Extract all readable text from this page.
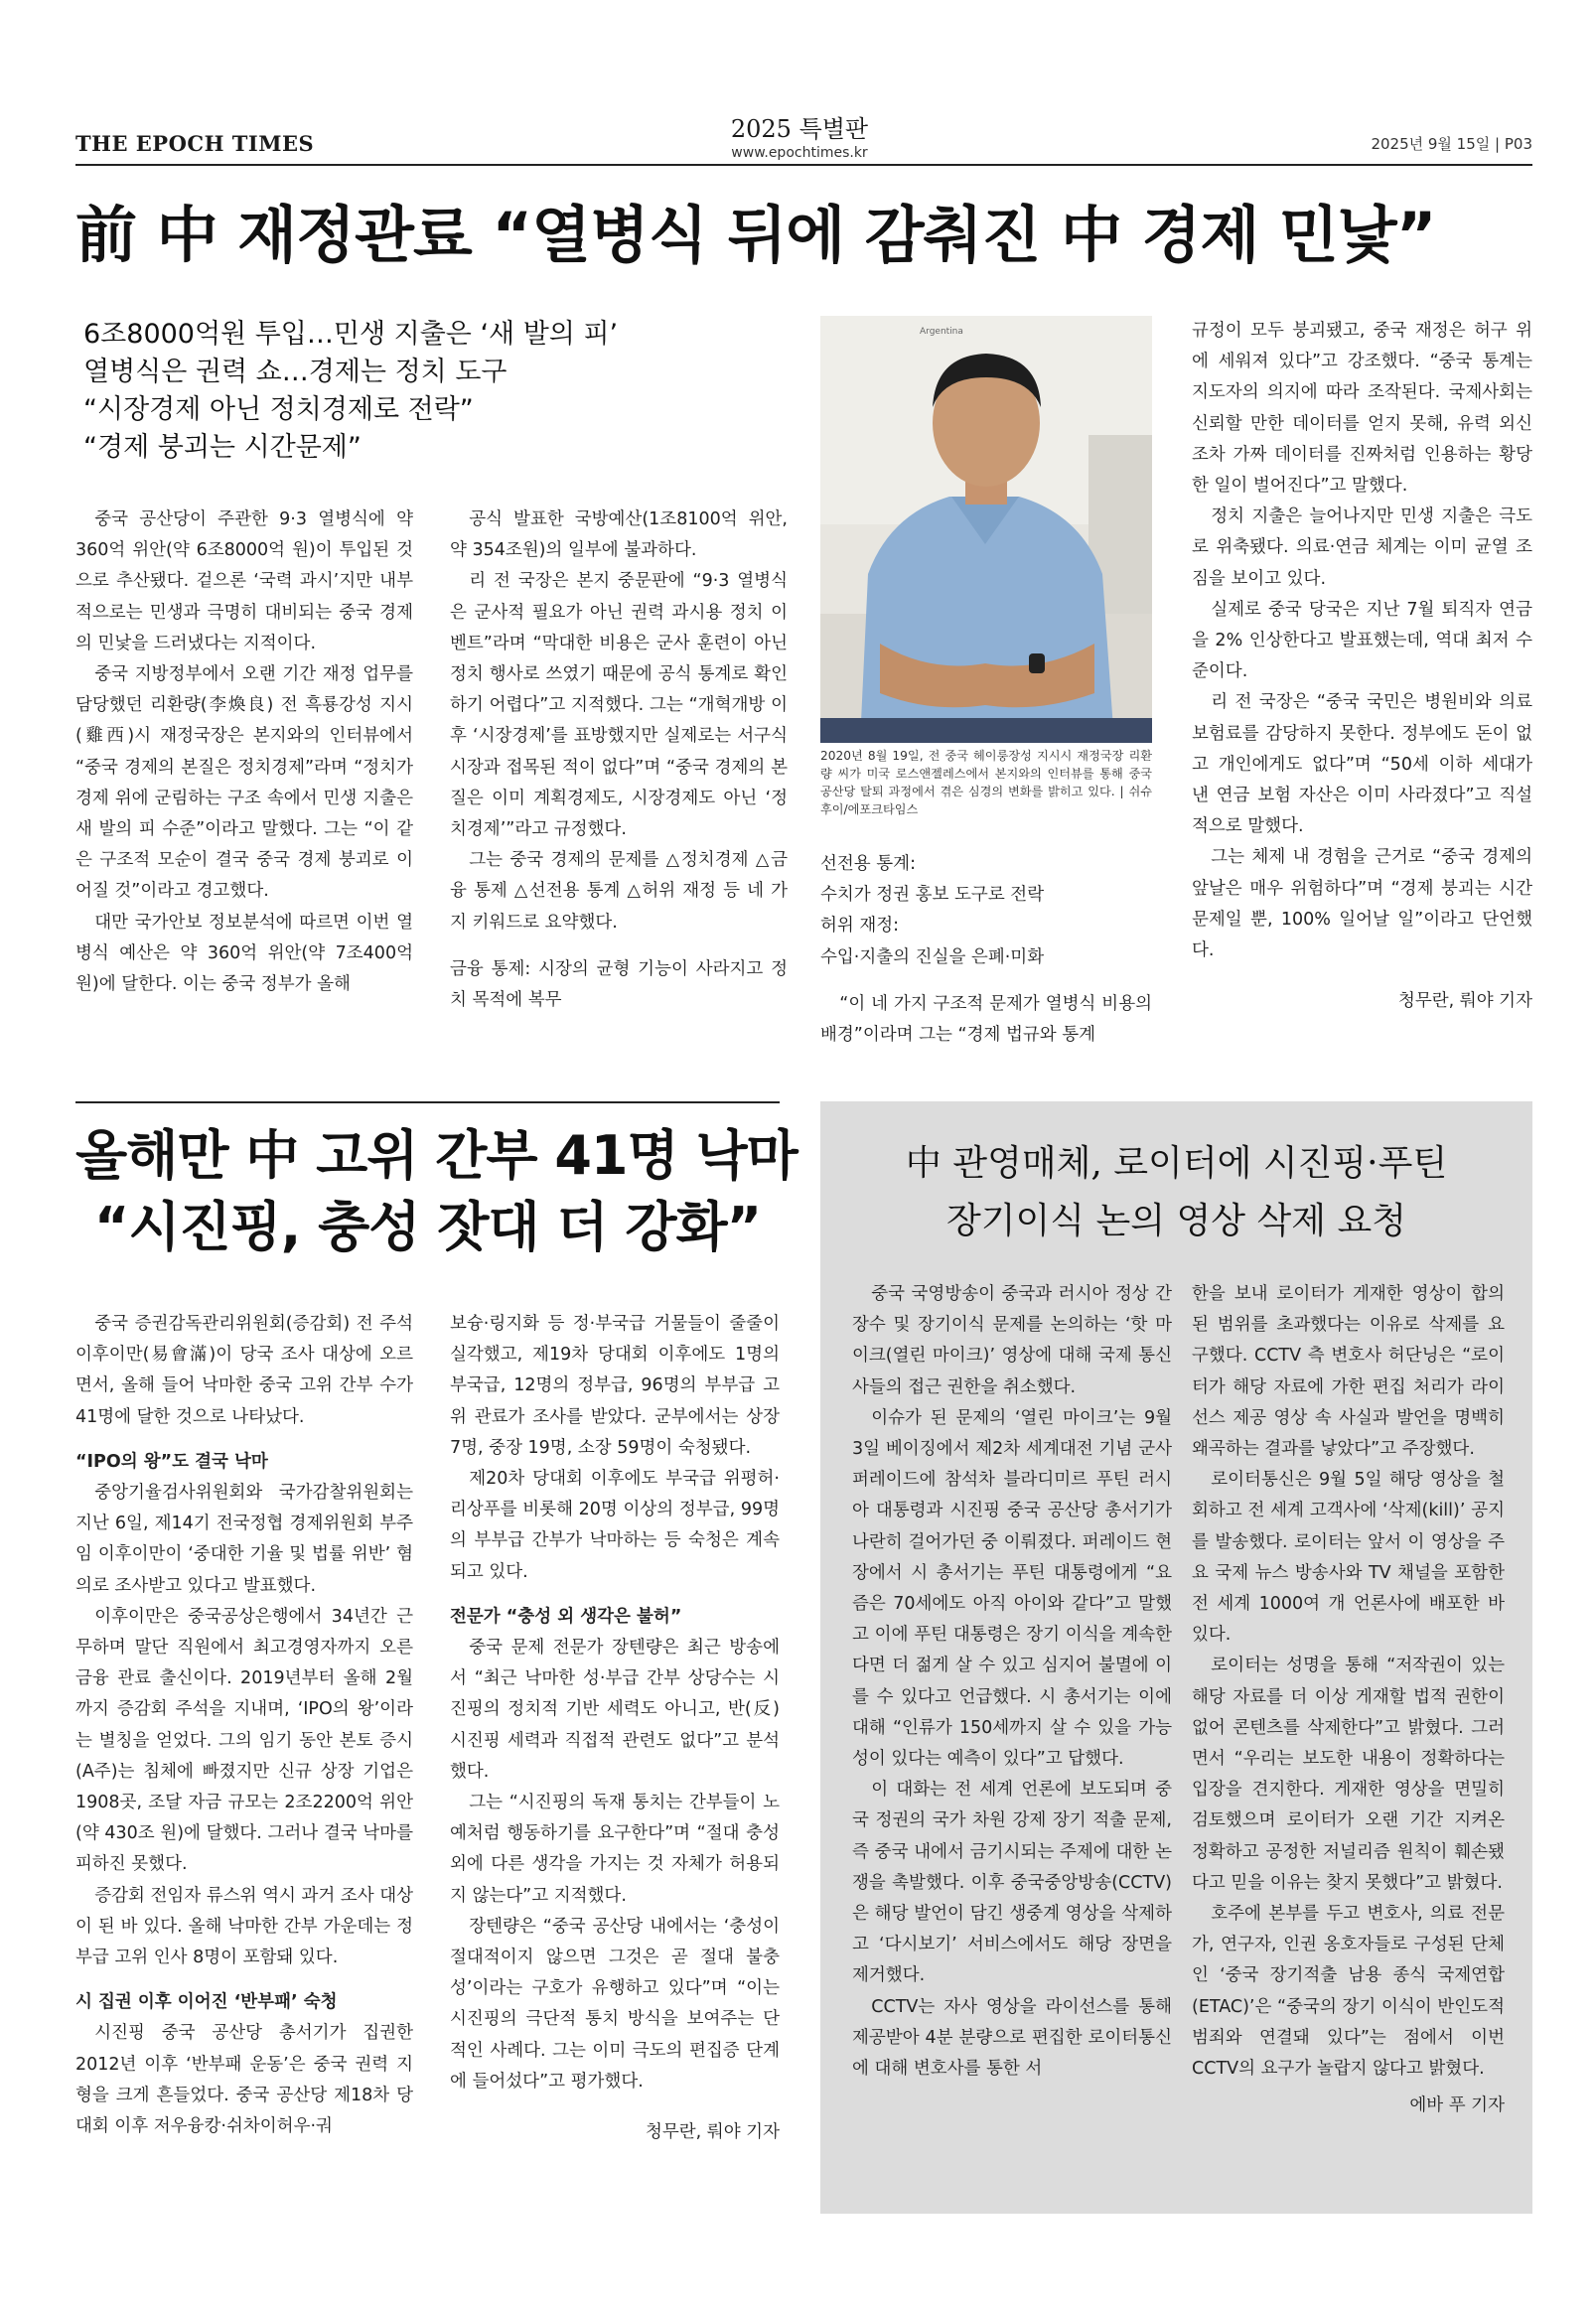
THE EPOCH TIMES
2025 특별판
www.epochtimes.kr	2025년 9월 15일 | P03
前 中 재정관료 “열병식 뒤에 감춰진 中 경제 민낯”
6조8000억원 투입…민생 지출은 ‘새 발의 피’
열병식은 권력 쇼…경제는 정치 도구
“시장경제 아닌 정치경제로 전락”
“경제 붕괴는 시간문제”

중국 공산당이 주관한 9·3 열병식에 약 360억 위안(약 6조8000억 원)이 투입된 것으로 추산됐다. 겉으론 ‘국력 과시’지만 내부적으로는 민생과 극명히 대비되는 중국 경제의 민낯을 드러냈다는 지적이다.

중국 지방정부에서 오랜 기간 재정 업무를 담당했던 리환량(李煥良) 전 흑룡강성 지시(雞西)시 재정국장은 본지와의 인터뷰에서 “중국 경제의 본질은 정치경제”라며 “정치가 경제 위에 군림하는 구조 속에서 민생 지출은 새 발의 피 수준”이라고 말했다. 그는 “이 같은 구조적 모순이 결국 중국 경제 붕괴로 이어질 것”이라고 경고했다.

대만 국가안보 정보분석에 따르면 이번 열병식 예산은 약 360억 위안(약 7조400억 원)에 달한다. 이는 중국 정부가 올해

공식 발표한 국방예산(1조8100억 위안, 약 354조원)의 일부에 불과하다.

리 전 국장은 본지 중문판에 “9·3 열병식은 군사적 필요가 아닌 권력 과시용 정치 이벤트”라며 “막대한 비용은 군사 훈련이 아닌 정치 행사로 쓰였기 때문에 공식 통계로 확인하기 어렵다”고 지적했다. 그는 “개혁개방 이후 ‘시장경제’를 표방했지만 실제로는 서구식 시장과 접목된 적이 없다”며 “중국 경제의 본질은 이미 계획경제도, 시장경제도 아닌 ‘정치경제’”라고 규정했다.

그는 중국 경제의 문제를 △정치경제 △금융 통제 △선전용 통계 △허위 재정 등 네 가지 키워드로 요약했다.

금융 통제: 시장의 균형 기능이 사라지고 정치 목적에 복무

Argentina
2020년 8월 19일, 전 중국 헤이룽장성 지시시 재정국장 리환량 씨가 미국 로스앤젤레스에서 본지와의 인터뷰를 통해 중국 공산당 탈퇴 과정에서 겪은 심경의 변화를 밝히고 있다. | 쉬슈후이/에포크타임스

선전용 통계:

수치가 정권 홍보 도구로 전락

허위 재정:

수입·지출의 진실을 은폐·미화

“이 네 가지 구조적 문제가 열병식 비용의 배경”이라며 그는 “경제 법규와 통계

규정이 모두 붕괴됐고, 중국 재정은 허구 위에 세워져 있다”고 강조했다. “중국 통계는 지도자의 의지에 따라 조작된다. 국제사회는 신뢰할 만한 데이터를 얻지 못해, 유력 외신조차 가짜 데이터를 진짜처럼 인용하는 황당한 일이 벌어진다”고 말했다.

정치 지출은 늘어나지만 민생 지출은 극도로 위축됐다. 의료·연금 체계는 이미 균열 조짐을 보이고 있다.

실제로 중국 당국은 지난 7월 퇴직자 연금을 2% 인상한다고 발표했는데, 역대 최저 수준이다.

리 전 국장은 “중국 국민은 병원비와 의료보험료를 감당하지 못한다. 정부에도 돈이 없고 개인에게도 없다”며 “50세 이하 세대가 낸 연금 보험 자산은 이미 사라졌다”고 직설적으로 말했다.

그는 체제 내 경험을 근거로 “중국 경제의 앞날은 매우 위험하다”며 “경제 붕괴는 시간문제일 뿐, 100% 일어날 일”이라고 단언했다.

청무란, 뤄야 기자

올해만 中 고위 간부 41명 낙마
“시진핑, 충성 잣대 더 강화”

중국 증권감독관리위원회(증감회) 전 주석 이후이만(易會滿)이 당국 조사 대상에 오르면서, 올해 들어 낙마한 중국 고위 간부 수가 41명에 달한 것으로 나타났다.

“IPO의 왕”도 결국 낙마

중앙기율검사위원회와 국가감찰위원회는 지난 6일, 제14기 전국정협 경제위원회 부주임 이후이만이 ‘중대한 기율 및 법률 위반’ 혐의로 조사받고 있다고 발표했다.

이후이만은 중국공상은행에서 34년간 근무하며 말단 직원에서 최고경영자까지 오른 금융 관료 출신이다. 2019년부터 올해 2월까지 증감회 주석을 지내며, ‘IPO의 왕’이라는 별칭을 얻었다. 그의 임기 동안 본토 증시(A주)는 침체에 빠졌지만 신규 상장 기업은 1908곳, 조달 자금 규모는 2조2200억 위안(약 430조 원)에 달했다. 그러나 결국 낙마를 피하진 못했다.

증감회 전임자 류스위 역시 과거 조사 대상이 된 바 있다. 올해 낙마한 간부 가운데는 정부급 고위 인사 8명이 포함돼 있다.

시 집권 이후 이어진 ‘반부패’ 숙청

시진핑 중국 공산당 총서기가 집권한 2012년 이후 ‘반부패 운동’은 중국 권력 지형을 크게 흔들었다. 중국 공산당 제18차 당대회 이후 저우융캉·쉬차이허우·궈

보슝·링지화 등 정·부국급 거물들이 줄줄이 실각했고, 제19차 당대회 이후에도 1명의 부국급, 12명의 정부급, 96명의 부부급 고위 관료가 조사를 받았다. 군부에서는 상장 7명, 중장 19명, 소장 59명이 숙청됐다.

제20차 당대회 이후에도 부국급 위평허·리상푸를 비롯해 20명 이상의 정부급, 99명의 부부급 간부가 낙마하는 등 숙청은 계속되고 있다.

전문가 “충성 외 생각은 불허”

중국 문제 전문가 장텐량은 최근 방송에서 “최근 낙마한 성·부급 간부 상당수는 시진핑의 정치적 기반 세력도 아니고, 반(反)시진핑 세력과 직접적 관련도 없다”고 분석했다.

그는 “시진핑의 독재 통치는 간부들이 노예처럼 행동하기를 요구한다”며 “절대 충성 외에 다른 생각을 가지는 것 자체가 허용되지 않는다”고 지적했다.

장텐량은 “중국 공산당 내에서는 ‘충성이 절대적이지 않으면 그것은 곧 절대 불충성’이라는 구호가 유행하고 있다”며 “이는 시진핑의 극단적 통치 방식을 보여주는 단적인 사례다. 그는 이미 극도의 편집증 단계에 들어섰다”고 평가했다.

청무란, 뤄야 기자

中 관영매체, 로이터에 시진핑·푸틴
장기이식 논의 영상 삭제 요청

중국 국영방송이 중국과 러시아 정상 간 장수 및 장기이식 문제를 논의하는 ‘핫 마이크(열린 마이크)’ 영상에 대해 국제 통신사들의 접근 권한을 취소했다.

이슈가 된 문제의 ‘열린 마이크’는 9월 3일 베이징에서 제2차 세계대전 기념 군사 퍼레이드에 참석차 블라디미르 푸틴 러시아 대통령과 시진핑 중국 공산당 총서기가 나란히 걸어가던 중 이뤄졌다. 퍼레이드 현장에서 시 총서기는 푸틴 대통령에게 “요즘은 70세에도 아직 아이와 같다”고 말했고 이에 푸틴 대통령은 장기 이식을 계속한다면 더 젊게 살 수 있고 심지어 불멸에 이를 수 있다고 언급했다. 시 총서기는 이에 대해 “인류가 150세까지 살 수 있을 가능성이 있다는 예측이 있다”고 답했다.

이 대화는 전 세계 언론에 보도되며 중국 정권의 국가 차원 강제 장기 적출 문제, 즉 중국 내에서 금기시되는 주제에 대한 논쟁을 촉발했다. 이후 중국중앙방송(CCTV)은 해당 발언이 담긴 생중계 영상을 삭제하고 ‘다시보기’ 서비스에서도 해당 장면을 제거했다.

CCTV는 자사 영상을 라이선스를 통해 제공받아 4분 분량으로 편집한 로이터통신에 대해 변호사를 통한 서

한을 보내 로이터가 게재한 영상이 합의된 범위를 초과했다는 이유로 삭제를 요구했다. CCTV 측 변호사 허단닝은 “로이터가 해당 자료에 가한 편집 처리가 라이선스 제공 영상 속 사실과 발언을 명백히 왜곡하는 결과를 낳았다”고 주장했다.

로이터통신은 9월 5일 해당 영상을 철회하고 전 세계 고객사에 ‘삭제(kill)’ 공지를 발송했다. 로이터는 앞서 이 영상을 주요 국제 뉴스 방송사와 TV 채널을 포함한 전 세계 1000여 개 언론사에 배포한 바 있다.

로이터는 성명을 통해 “저작권이 있는 해당 자료를 더 이상 게재할 법적 권한이 없어 콘텐츠를 삭제한다”고 밝혔다. 그러면서 “우리는 보도한 내용이 정확하다는 입장을 견지한다. 게재한 영상을 면밀히 검토했으며 로이터가 오랜 기간 지켜온 정확하고 공정한 저널리즘 원칙이 훼손됐다고 믿을 이유는 찾지 못했다”고 밝혔다.

호주에 본부를 두고 변호사, 의료 전문가, 연구자, 인권 옹호자들로 구성된 단체인 ‘중국 장기적출 남용 종식 국제연합(ETAC)’은 “중국의 장기 이식이 반인도적 범죄와 연결돼 있다”는 점에서 이번 CCTV의 요구가 놀랍지 않다고 밝혔다.

에바 푸 기자
